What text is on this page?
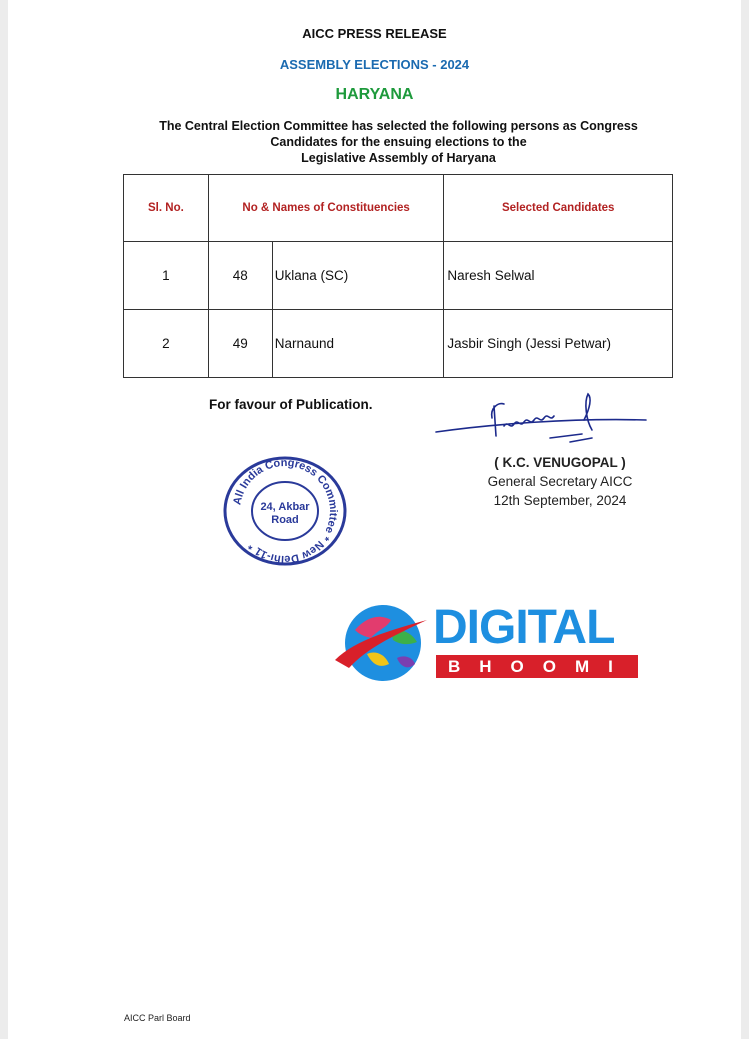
AICC PRESS RELEASE
ASSEMBLY ELECTIONS - 2024
HARYANA
The Central Election Committee has selected the following persons as Congress
Candidates for the ensuing elections to the
Legislative Assembly of Haryana
Sl. No.	No & Names of Constituencies		Selected Candidates
1	48	Uklana (SC)	Naresh Selwal
2	49	Narnaund	Jasbir Singh (Jessi Petwar)
For favour of Publication.
( K.C. VENUGOPAL )
General Secretary AICC
12th September, 2024
All India Congress Committee * New Delhi-11 *
24, Akbar
Road
DIGITAL
BHOOMI
AICC Parl Board
